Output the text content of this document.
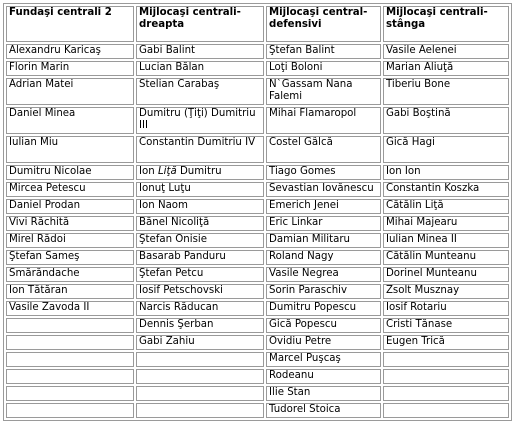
Fundaşi centrali 2	Mijlocaşi centrali-dreapta	Mijlocaşi central-defensivi	Mijlocaşi centrali-stânga
Alexandru Karicaş	Gabi Balint	Ştefan Balint	Vasile Aelenei
Florin Marin	Lucian Bălan	Loţi Boloni	Marian Aliuţă
Adrian Matei	Stelian Carabaş	N`Gassam Nana Falemi	Tiberiu Bone
Daniel Minea	Dumitru (Ţiţi) Dumitriu III	Mihai Flamaropol	Gabi Boştină
Iulian Miu	Constantin Dumitriu IV	Costel Gâlcă	Gică Hagi
Dumitru Nicolae	Ion Liţă Dumitru	Tiago Gomes	Ion Ion
Mircea Petescu	Ionuţ Luţu	Sevastian Iovănescu	Constantin Koszka
Daniel Prodan	Ion Naom	Emerich Jenei	Cătălin Liţă
Vivi Răchită	Bănel Nicoliţă	Eric Linkar	Mihai Majearu
Mirel Rădoi	Ştefan Onisie	Damian Militaru	Iulian Minea II
Ştefan Sameş	Basarab Panduru	Roland Nagy	Cătălin Munteanu
Smărăndache	Ştefan Petcu	Vasile Negrea	Dorinel Munteanu
Ion Tătăran	Iosif Petschovski	Sorin Paraschiv	Zsolt Musznay
Vasile Zavoda II	Narcis Răducan	Dumitru Popescu	Iosif Rotariu
	Dennis Şerban	Gică Popescu	Cristi Tănase
	Gabi Zahiu	Ovidiu Petre	Eugen Trică
		Marcel Puşcaş	
		Rodeanu	
		Ilie Stan	
		Tudorel Stoica	
